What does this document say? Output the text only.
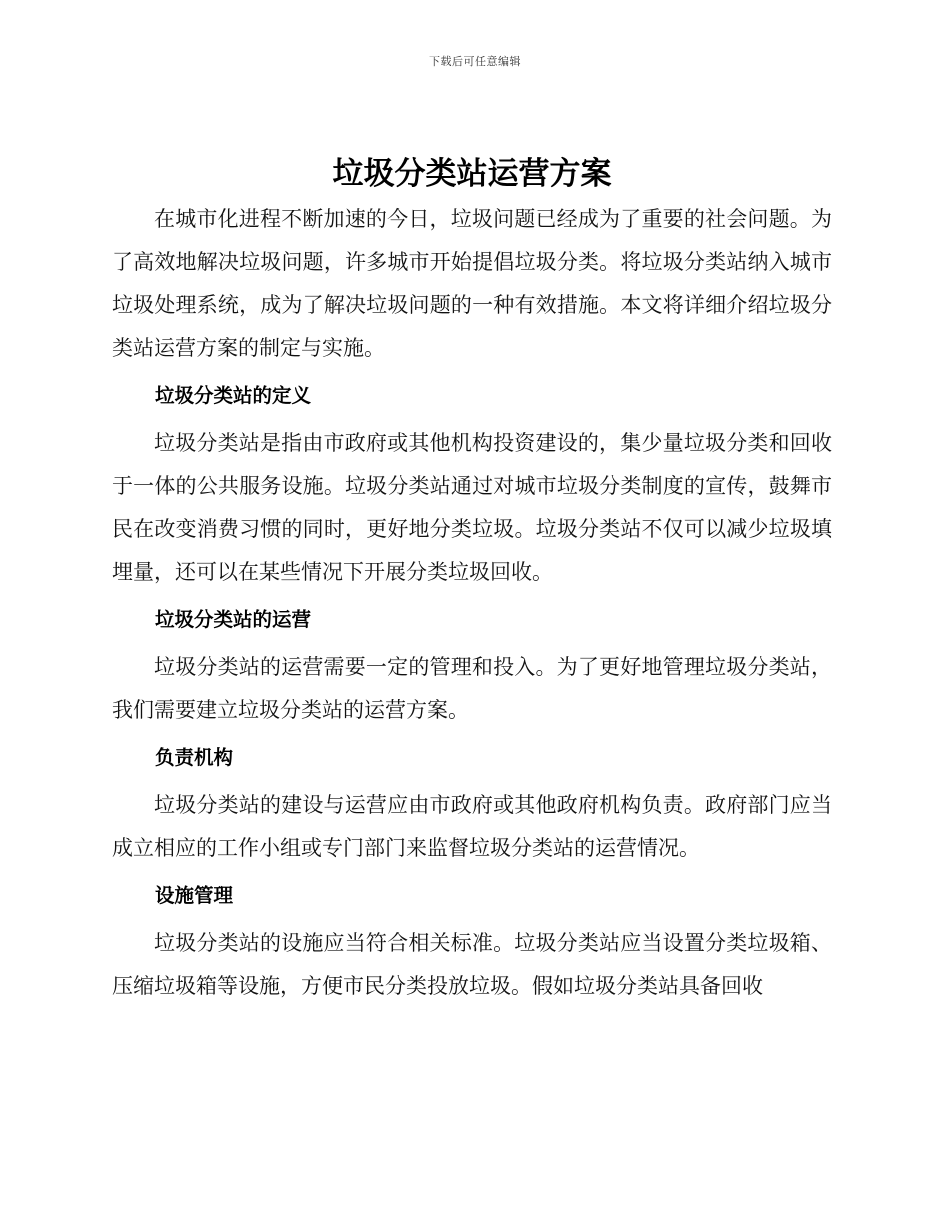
下载后可任意编辑
垃圾分类站运营方案

在城市化进程不断加速的今日，垃圾问题已经成为了重要的社会问题。为了高效地解决垃圾问题，许多城市开始提倡垃圾分类。将垃圾分类站纳入城市垃圾处理系统，成为了解决垃圾问题的一种有效措施。本文将详细介绍垃圾分类站运营方案的制定与实施。

垃圾分类站的定义

垃圾分类站是指由市政府或其他机构投资建设的，集少量垃圾分类和回收于一体的公共服务设施。垃圾分类站通过对城市垃圾分类制度的宣传，鼓舞市民在改变消费习惯的同时，更好地分类垃圾。垃圾分类站不仅可以减少垃圾填埋量，还可以在某些情况下开展分类垃圾回收。

垃圾分类站的运营

垃圾分类站的运营需要一定的管理和投入。为了更好地管理垃圾分类站，我们需要建立垃圾分类站的运营方案。

负责机构

垃圾分类站的建设与运营应由市政府或其他政府机构负责。政府部门应当成立相应的工作小组或专门部门来监督垃圾分类站的运营情况。

设施管理

垃圾分类站的设施应当符合相关标准。垃圾分类站应当设置分类垃圾箱、压缩垃圾箱等设施，方便市民分类投放垃圾。假如垃圾分类站具备回收
